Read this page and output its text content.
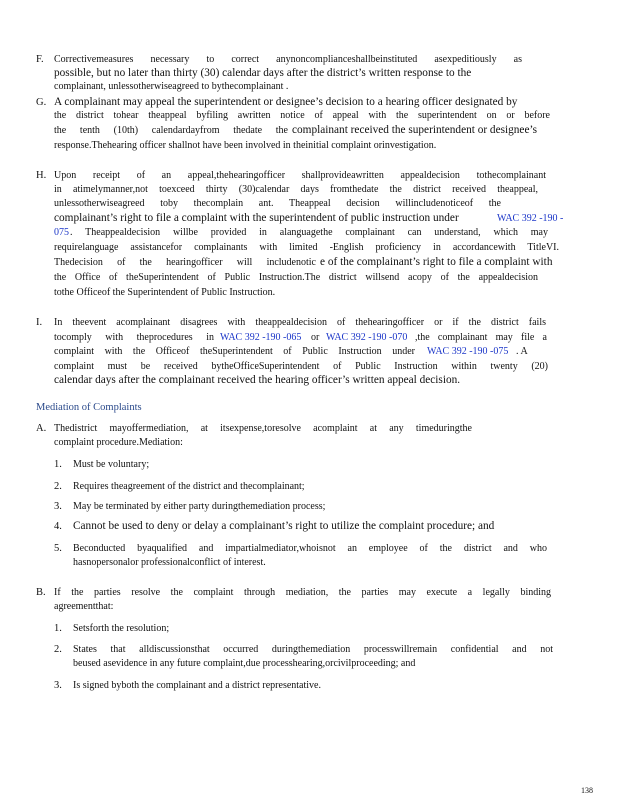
F. Correctivemeasures necessary to correct anynoncomplianceshallbeinstituted asexpeditiously as
possible, but no later than thirty (30) calendar days after the district’s written response to the
complainant, unlessotherwiseagreed to bythecomplainant .
G. A complainant may appeal the superintendent or designee’s decision to a hearing officer designated by
the district tohear theappeal byfiling awritten notice of appeal with the superintendent on or before
the tenth (10th) calendardayfrom thedate the complainant received the superintendent or designee’s
response.Thehearing officer shallnot have been involved in theinitial complaint orinvestigation.
H. Upon receipt of an appeal,thehearingofficer shallprovideawritten appealdecision tothecomplainant
in atimelymanner,not toexceed thirty (30)calendar days fromthedate the district received theappeal,
unlessotherwiseagreed toby thecomplain ant. Theappeal decision willincludenoticeof the
complainant’s right to file a complaint with the superintendent of public instruction under	WAC 392 -190 -
075 . Theappealdecision willbe provided in alanguagethe complainant can understand, which may
requirelanguage assistancefor complainants with limited -English proficiency in accordancewith TitleVI.
Thedecision of the hearingofficer will includenotic e of the complainant’s right to file a complaint with
the Office of theSuperintendent of Public Instruction.The district willsend acopy of the appealdecision
tothe Officeof the Superintendent of Public Instruction.
I. In theevent acomplainant disagrees with theappealdecision of thehearingofficer or if the district fails
tocomply with theprocedures in WAC 392 -190 -065 or WAC 392 -190 -070 ,the complainant may file a
complaint with the Officeof theSuperintendent of Public Instruction under WAC 392 -190 -075 . A
complaint must be received bytheOfficeSuperintendent of Public Instruction within twenty (20)
calendar days after the complainant received the hearing officer’s written appeal decision.
Mediation of Complaints
A. Thedistrict mayoffermediation, at itsexpense,toresolve acomplaint at any timeduringthe
complaint procedure.Mediation:
1. Must be voluntary;
2. Requires theagreement of the district and thecomplainant;
3. May be terminated by either party duringthemediation process;
4. Cannot be used to deny or delay a complainant’s right to utilize the complaint procedure; and
5. Beconducted byaqualified and impartialmediator,whoisnot an employee of the district and who
hasnopersonalor professionalconflict of interest.
B. If the parties resolve the complaint through mediation, the parties may execute a legally binding
agreementthat:
1. Setsforth the resolution;
2. States that alldiscussionsthat occurred duringthemediation processwillremain confidential and not
beused asevidence in any future complaint,due processhearing,orcivilproceeding; and
3. Is signed byboth the complainant and a district representative.
138
